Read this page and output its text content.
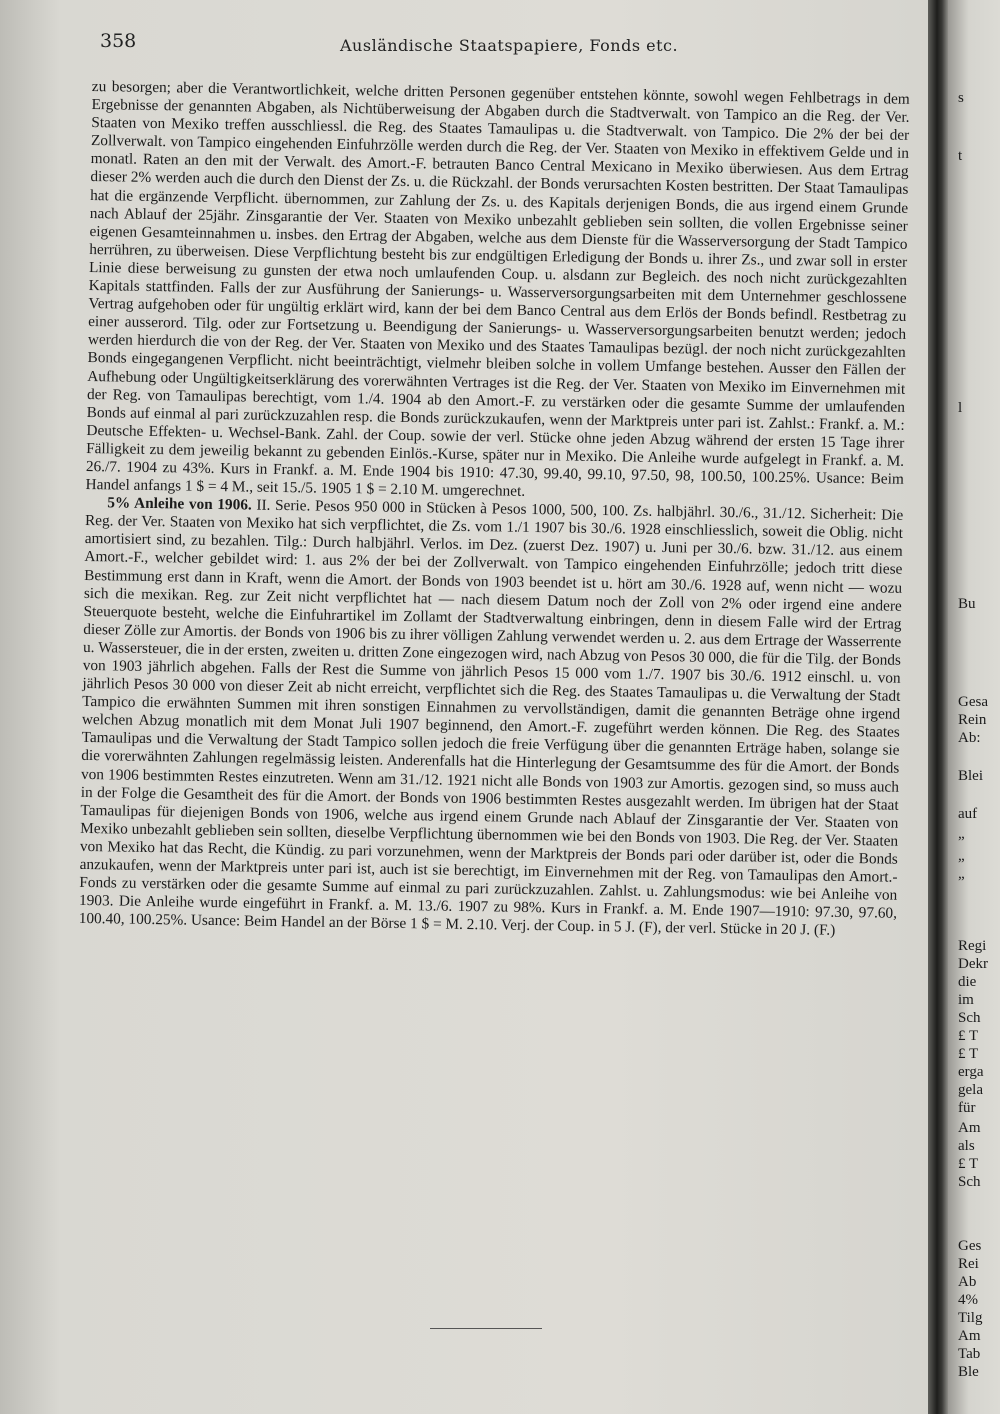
358	Ausländische Staatspapiere, Fonds etc.

zu besorgen; aber die Verantwortlichkeit, welche dritten Personen gegenüber entstehen könnte, sowohl wegen Fehlbetrags in dem Ergebnisse der genannten Abgaben, als Nichtüberweisung der Abgaben durch die Stadtverwalt. von Tampico an die Reg. der Ver. Staaten von Mexiko treffen ausschliessl. die Reg. des Staates Tamaulipas u. die Stadtverwalt. von Tampico. Die 2% der bei der Zollverwalt. von Tampico eingehenden Einfuhrzölle werden durch die Reg. der Ver. Staaten von Mexiko in effektivem Gelde und in monatl. Raten an den mit der Verwalt. des Amort.-F. betrauten Banco Central Mexicano in Mexiko überwiesen. Aus dem Ertrag dieser 2% werden auch die durch den Dienst der Zs. u. die Rückzahl. der Bonds verursachten Kosten bestritten. Der Staat Tamaulipas hat die ergänzende Verpflicht. übernommen, zur Zahlung der Zs. u. des Kapitals derjenigen Bonds, die aus irgend einem Grunde nach Ablauf der 25jähr. Zinsgarantie der Ver. Staaten von Mexiko unbezahlt geblieben sein sollten, die vollen Ergebnisse seiner eigenen Gesamteinnahmen u. insbes. den Ertrag der Abgaben, welche aus dem Dienste für die Wasserversorgung der Stadt Tampico herrühren, zu überweisen. Diese Verpflichtung besteht bis zur endgültigen Erledigung der Bonds u. ihrer Zs., und zwar soll in erster Linie diese berweisung zu gunsten der etwa noch umlaufenden Coup. u. alsdann zur Begleich. des noch nicht zurückgezahlten Kapitals stattfinden. Falls der zur Ausführung der Sanierungs- u. Wasserversorgungsarbeiten mit dem Unternehmer geschlossene Vertrag aufgehoben oder für ungültig erklärt wird, kann der bei dem Banco Central aus dem Erlös der Bonds befindl. Restbetrag zu einer ausserord. Tilg. oder zur Fortsetzung u. Beendigung der Sanierungs- u. Wasserversorgungsarbeiten benutzt werden; jedoch werden hierdurch die von der Reg. der Ver. Staaten von Mexiko und des Staates Tamaulipas bezügl. der noch nicht zurückgezahlten Bonds eingegangenen Verpflicht. nicht beeinträchtigt, vielmehr bleiben solche in vollem Umfange bestehen. Ausser den Fällen der Aufhebung oder Ungültigkeitserklärung des vorerwähnten Vertrages ist die Reg. der Ver. Staaten von Mexiko im Einvernehmen mit der Reg. von Tamaulipas berechtigt, vom 1./4. 1904 ab den Amort.-F. zu verstärken oder die gesamte Summe der umlaufenden Bonds auf einmal al pari zurückzuzahlen resp. die Bonds zurückzukaufen, wenn der Marktpreis unter pari ist. Zahlst.: Frankf. a. M.: Deutsche Effekten- u. Wechsel-Bank. Zahl. der Coup. sowie der verl. Stücke ohne jeden Abzug während der ersten 15 Tage ihrer Fälligkeit zu dem jeweilig bekannt zu gebenden Einlös.-Kurse, später nur in Mexiko. Die Anleihe wurde aufgelegt in Frankf. a. M. 26./7. 1904 zu 43%. Kurs in Frankf. a. M. Ende 1904 bis 1910: 47.30, 99.40, 99.10, 97.50, 98, 100.50, 100.25%. Usance: Beim Handel anfangs 1 $ = 4 M., seit 15./5. 1905 1 $ = 2.10 M. umgerechnet.

5% Anleihe von 1906. II. Serie. Pesos 950 000 in Stücken à Pesos 1000, 500, 100. Zs. halbjährl. 30./6., 31./12. Sicherheit: Die Reg. der Ver. Staaten von Mexiko hat sich verpflichtet, die Zs. vom 1./1 1907 bis 30./6. 1928 einschliesslich, soweit die Oblig. nicht amortisiert sind, zu bezahlen. Tilg.: Durch halbjährl. Verlos. im Dez. (zuerst Dez. 1907) u. Juni per 30./6. bzw. 31./12. aus einem Amort.-F., welcher gebildet wird: 1. aus 2% der bei der Zollverwalt. von Tampico eingehenden Einfuhrzölle; jedoch tritt diese Bestimmung erst dann in Kraft, wenn die Amort. der Bonds von 1903 beendet ist u. hört am 30./6. 1928 auf, wenn nicht — wozu sich die mexikan. Reg. zur Zeit nicht verpflichtet hat — nach diesem Datum noch der Zoll von 2% oder irgend eine andere Steuerquote besteht, welche die Einfuhrartikel im Zollamt der Stadtverwaltung einbringen, denn in diesem Falle wird der Ertrag dieser Zölle zur Amortis. der Bonds von 1906 bis zu ihrer völligen Zahlung verwendet werden u. 2. aus dem Ertrage der Wasserrente u. Wassersteuer, die in der ersten, zweiten u. dritten Zone eingezogen wird, nach Abzug von Pesos 30 000, die für die Tilg. der Bonds von 1903 jährlich abgehen. Falls der Rest die Summe von jährlich Pesos 15 000 vom 1./7. 1907 bis 30./6. 1912 einschl. u. von jährlich Pesos 30 000 von dieser Zeit ab nicht erreicht, verpflichtet sich die Reg. des Staates Tamaulipas u. die Verwaltung der Stadt Tampico die erwähnten Summen mit ihren sonstigen Einnahmen zu vervollständigen, damit die genannten Beträge ohne irgend welchen Abzug monatlich mit dem Monat Juli 1907 beginnend, den Amort.-F. zugeführt werden können. Die Reg. des Staates Tamaulipas und die Verwaltung der Stadt Tampico sollen jedoch die freie Verfügung über die genannten Erträge haben, solange sie die vorerwähnten Zahlungen regelmässig leisten. Anderenfalls hat die Hinterlegung der Gesamtsumme des für die Amort. der Bonds von 1906 bestimmten Restes einzutreten. Wenn am 31./12. 1921 nicht alle Bonds von 1903 zur Amortis. gezogen sind, so muss auch in der Folge die Gesamtheit des für die Amort. der Bonds von 1906 bestimmten Restes ausgezahlt werden. Im übrigen hat der Staat Tamaulipas für diejenigen Bonds von 1906, welche aus irgend einem Grunde nach Ablauf der Zinsgarantie der Ver. Staaten von Mexiko unbezahlt geblieben sein sollten, dieselbe Verpflichtung übernommen wie bei den Bonds von 1903. Die Reg. der Ver. Staaten von Mexiko hat das Recht, die Kündig. zu pari vorzunehmen, wenn der Marktpreis der Bonds pari oder darüber ist, oder die Bonds anzukaufen, wenn der Marktpreis unter pari ist, auch ist sie berechtigt, im Einvernehmen mit der Reg. von Tamaulipas den Amort.-Fonds zu verstärken oder die gesamte Summe auf einmal zu pari zurückzuzahlen. Zahlst. u. Zahlungsmodus: wie bei Anleihe von 1903. Die Anleihe wurde eingeführt in Frankf. a. M. 13./6. 1907 zu 98%. Kurs in Frankf. a. M. Ende 1907—1910: 97.30, 97.60, 100.40, 100.25%. Usance: Beim Handel an der Börse 1 $ = M. 2.10. Verj. der Coup. in 5 J. (F), der verl. Stücke in 20 J. (F.)

s
t
l
Bu
Gesa
Rein
Ab:
Blei
auf
„
„
„
Regi
Dekr
die
im
Sch
£ T
£ T
erga
gela
für
Am
als
£ T
Sch
Ges
Rei
Ab
4%
Tilg
Am
Tab
Ble
